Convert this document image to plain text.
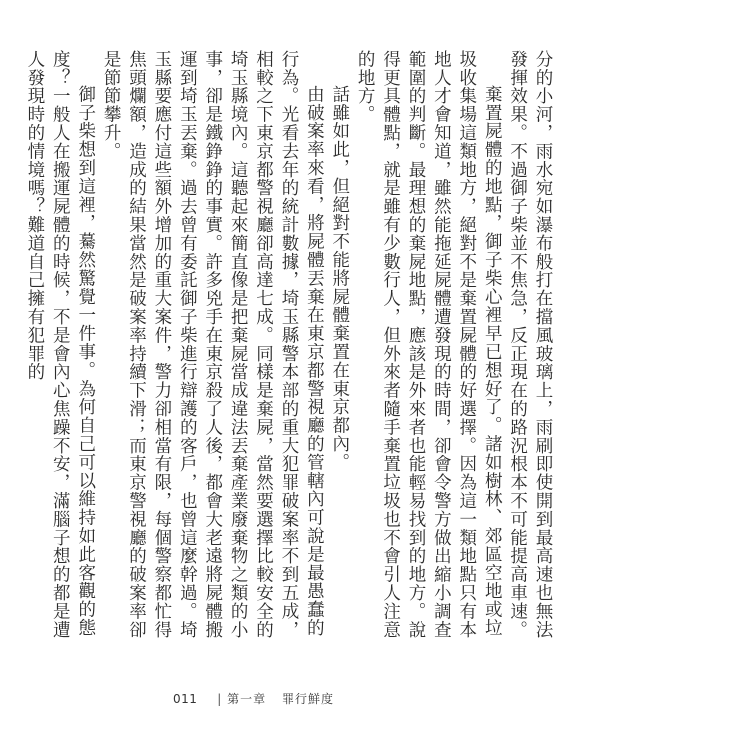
分的小河，雨水宛如瀑布般打在擋風玻璃上，雨刷即使開到最高速也無法發揮效果。不過御子柴並不焦急，反正現在的路況根本不可能提高車速。

棄置屍體的地點，御子柴心裡早已想好了。諸如樹林、郊區空地或垃圾收集場這類地方，絕對不是棄置屍體的好選擇。因為這一類地點只有本地人才會知道，雖然能拖延屍體遭發現的時間，卻會令警方做出縮小調查範圍的判斷。最理想的棄屍地點，應該是外來者也能輕易找到的地方。說得更具體點，就是雖有少數行人，但外來者隨手棄置垃圾也不會引人注意的地方。

話雖如此，但絕對不能將屍體棄置在東京都內。

由破案率來看，將屍體丟棄在東京都警視廳的管轄內可說是最愚蠢的行為。光看去年的統計數據，埼玉縣警本部的重大犯罪破案率不到五成，相較之下東京都警視廳卻高達七成。同樣是棄屍，當然要選擇比較安全的埼玉縣境內。這聽起來簡直像是把棄屍當成違法丟棄產業廢棄物之類的小事，卻是鐵錚錚的事實。許多兇手在東京殺了人後，都會大老遠將屍體搬運到埼玉丟棄。過去曾有委託御子柴進行辯護的客戶，也曾這麼幹過。埼玉縣要應付這些額外增加的重大案件，警力卻相當有限，每個警察都忙得焦頭爛額，造成的結果當然是破案率持續下滑；而東京警視廳的破案率卻是節節攀升。

御子柴想到這裡，驀然驚覺一件事。為何自己可以維持如此客觀的態度？一般人在搬運屍體的時候，不是會內心焦躁不安，滿腦子想的都是遭人發現時的情境嗎？難道自己擁有犯罪的

011 | 第一章 罪行鮮度
